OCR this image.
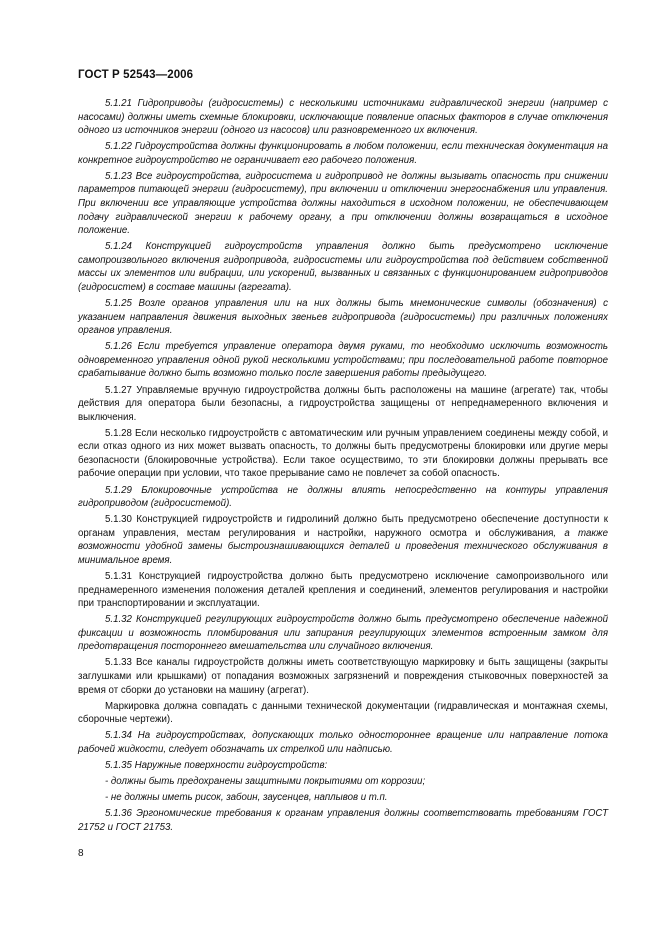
ГОСТ Р 52543—2006

5.1.21 Гидроприводы (гидросистемы) с несколькими источниками гидравлической энергии (например с насосами) должны иметь схемные блокировки, исключающие появление опасных факторов в случае отключения одного из источников энергии (одного из насосов) или разновременного их включения.

5.1.22 Гидроустройства должны функционировать в любом положении, если техническая документация на конкретное гидроустройство не ограничивает его рабочего положения.

5.1.23 Все гидроустройства, гидросистема и гидропривод не должны вызывать опасность при снижении параметров питающей энергии (гидросистему), при включении и отключении энергоснабжения или управления. При включении все управляющие устройства должны находиться в исходном положении, не обеспечивающем подачу гидравлической энергии к рабочему органу, а при отключении должны возвращаться в исходное положение.

5.1.24 Конструкцией гидроустройств управления должно быть предусмотрено исключение самопроизвольного включения гидропривода, гидросистемы или гидроустройства под действием собственной массы их элементов или вибрации, или ускорений, вызванных и связанных с функционированием гидроприводов (гидросистем) в составе машины (агрегата).

5.1.25 Возле органов управления или на них должны быть мнемонические символы (обозначения) с указанием направления движения выходных звеньев гидропривода (гидросистемы) при различных положениях органов управления.

5.1.26 Если требуется управление оператора двумя руками, то необходимо исключить возможность одновременного управления одной рукой несколькими устройствами; при последовательной работе повторное срабатывание должно быть возможно только после завершения работы предыдущего.

5.1.27 Управляемые вручную гидроустройства должны быть расположены на машине (агрегате) так, чтобы действия для оператора были безопасны, а гидроустройства защищены от непреднамеренного включения и выключения.

5.1.28 Если несколько гидроустройств с автоматическим или ручным управлением соединены между собой, и если отказ одного из них может вызвать опасность, то должны быть предусмотрены блокировки или другие меры безопасности (блокировочные устройства). Если такое осуществимо, то эти блокировки должны прерывать все рабочие операции при условии, что такое прерывание само не повлечет за собой опасность.

5.1.29 Блокировочные устройства не должны влиять непосредственно на контуры управления гидроприводом (гидросистемой).

5.1.30 Конструкцией гидроустройств и гидролиний должно быть предусмотрено обеспечение доступности к органам управления, местам регулирования и настройки, наружного осмотра и обслуживания, а также возможности удобной замены быстроизнашивающихся деталей и проведения технического обслуживания в минимальное время.

5.1.31 Конструкцией гидроустройства должно быть предусмотрено исключение самопроизвольного или преднамеренного изменения положения деталей крепления и соединений, элементов регулирования и настройки при транспортировании и эксплуатации.

5.1.32 Конструкцией регулирующих гидроустройств должно быть предусмотрено обеспечение надежной фиксации и возможность пломбирования или запирания регулирующих элементов встроенным замком для предотвращения постороннего вмешательства или случайного включения.

5.1.33 Все каналы гидроустройств должны иметь соответствующую маркировку и быть защищены (закрыты заглушками или крышками) от попадания возможных загрязнений и повреждения стыковочных поверхностей за время от сборки до установки на машину (агрегат).

Маркировка должна совпадать с данными технической документации (гидравлическая и монтажная схемы, сборочные чертежи).

5.1.34 На гидроустройствах, допускающих только одностороннее вращение или направление потока рабочей жидкости, следует обозначать их стрелкой или надписью.

5.1.35 Наружные поверхности гидроустройств:

- должны быть предохранены защитными покрытиями от коррозии;

- не должны иметь рисок, забоин, заусенцев, наплывов и т.п.

5.1.36 Эргономические требования к органам управления должны соответствовать требованиям ГОСТ 21752 и ГОСТ 21753.

8
